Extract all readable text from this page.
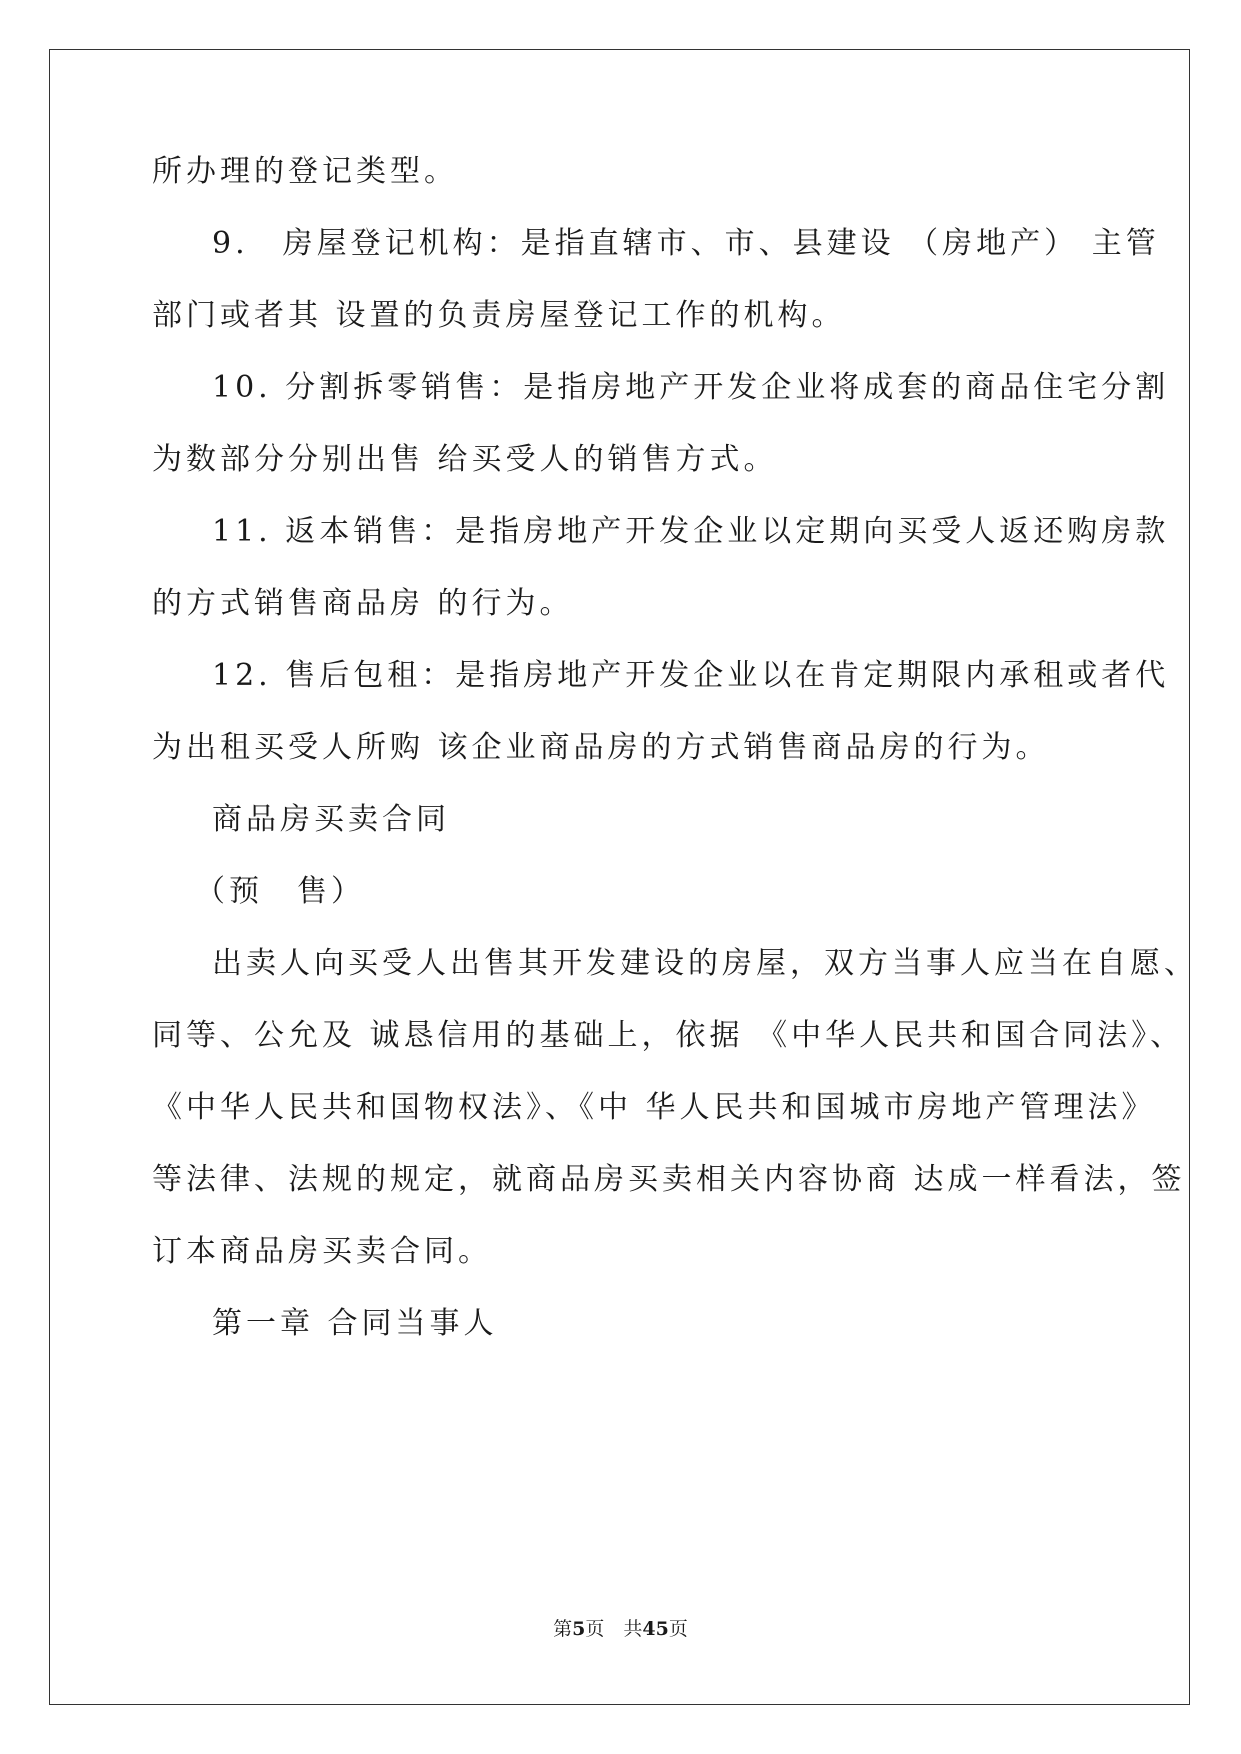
所办理的登记类型。

9.　房屋登记机构：是指直辖市、市、县建设 （房地产） 主管

部门或者其 设置的负责房屋登记工作的机构。

10. 分割拆零销售：是指房地产开发企业将成套的商品住宅分割

为数部分分别出售 给买受人的销售方式。

11. 返本销售：是指房地产开发企业以定期向买受人返还购房款

的方式销售商品房 的行为。

12. 售后包租：是指房地产开发企业以在肯定期限内承租或者代

为出租买受人所购 该企业商品房的方式销售商品房的行为。

商品房买卖合同

（预　售）

出卖人向买受人出售其开发建设的房屋，双方当事人应当在自愿、

同等、公允及 诚恳信用的基础上，依据 《中华人民共和国合同法》、

《中华人民共和国物权法》、《中 华人民共和国城市房地产管理法》

等法律、法规的规定，就商品房买卖相关内容协商 达成一样看法，签

订本商品房买卖合同。

第一章 合同当事人

第5页　 共45页
